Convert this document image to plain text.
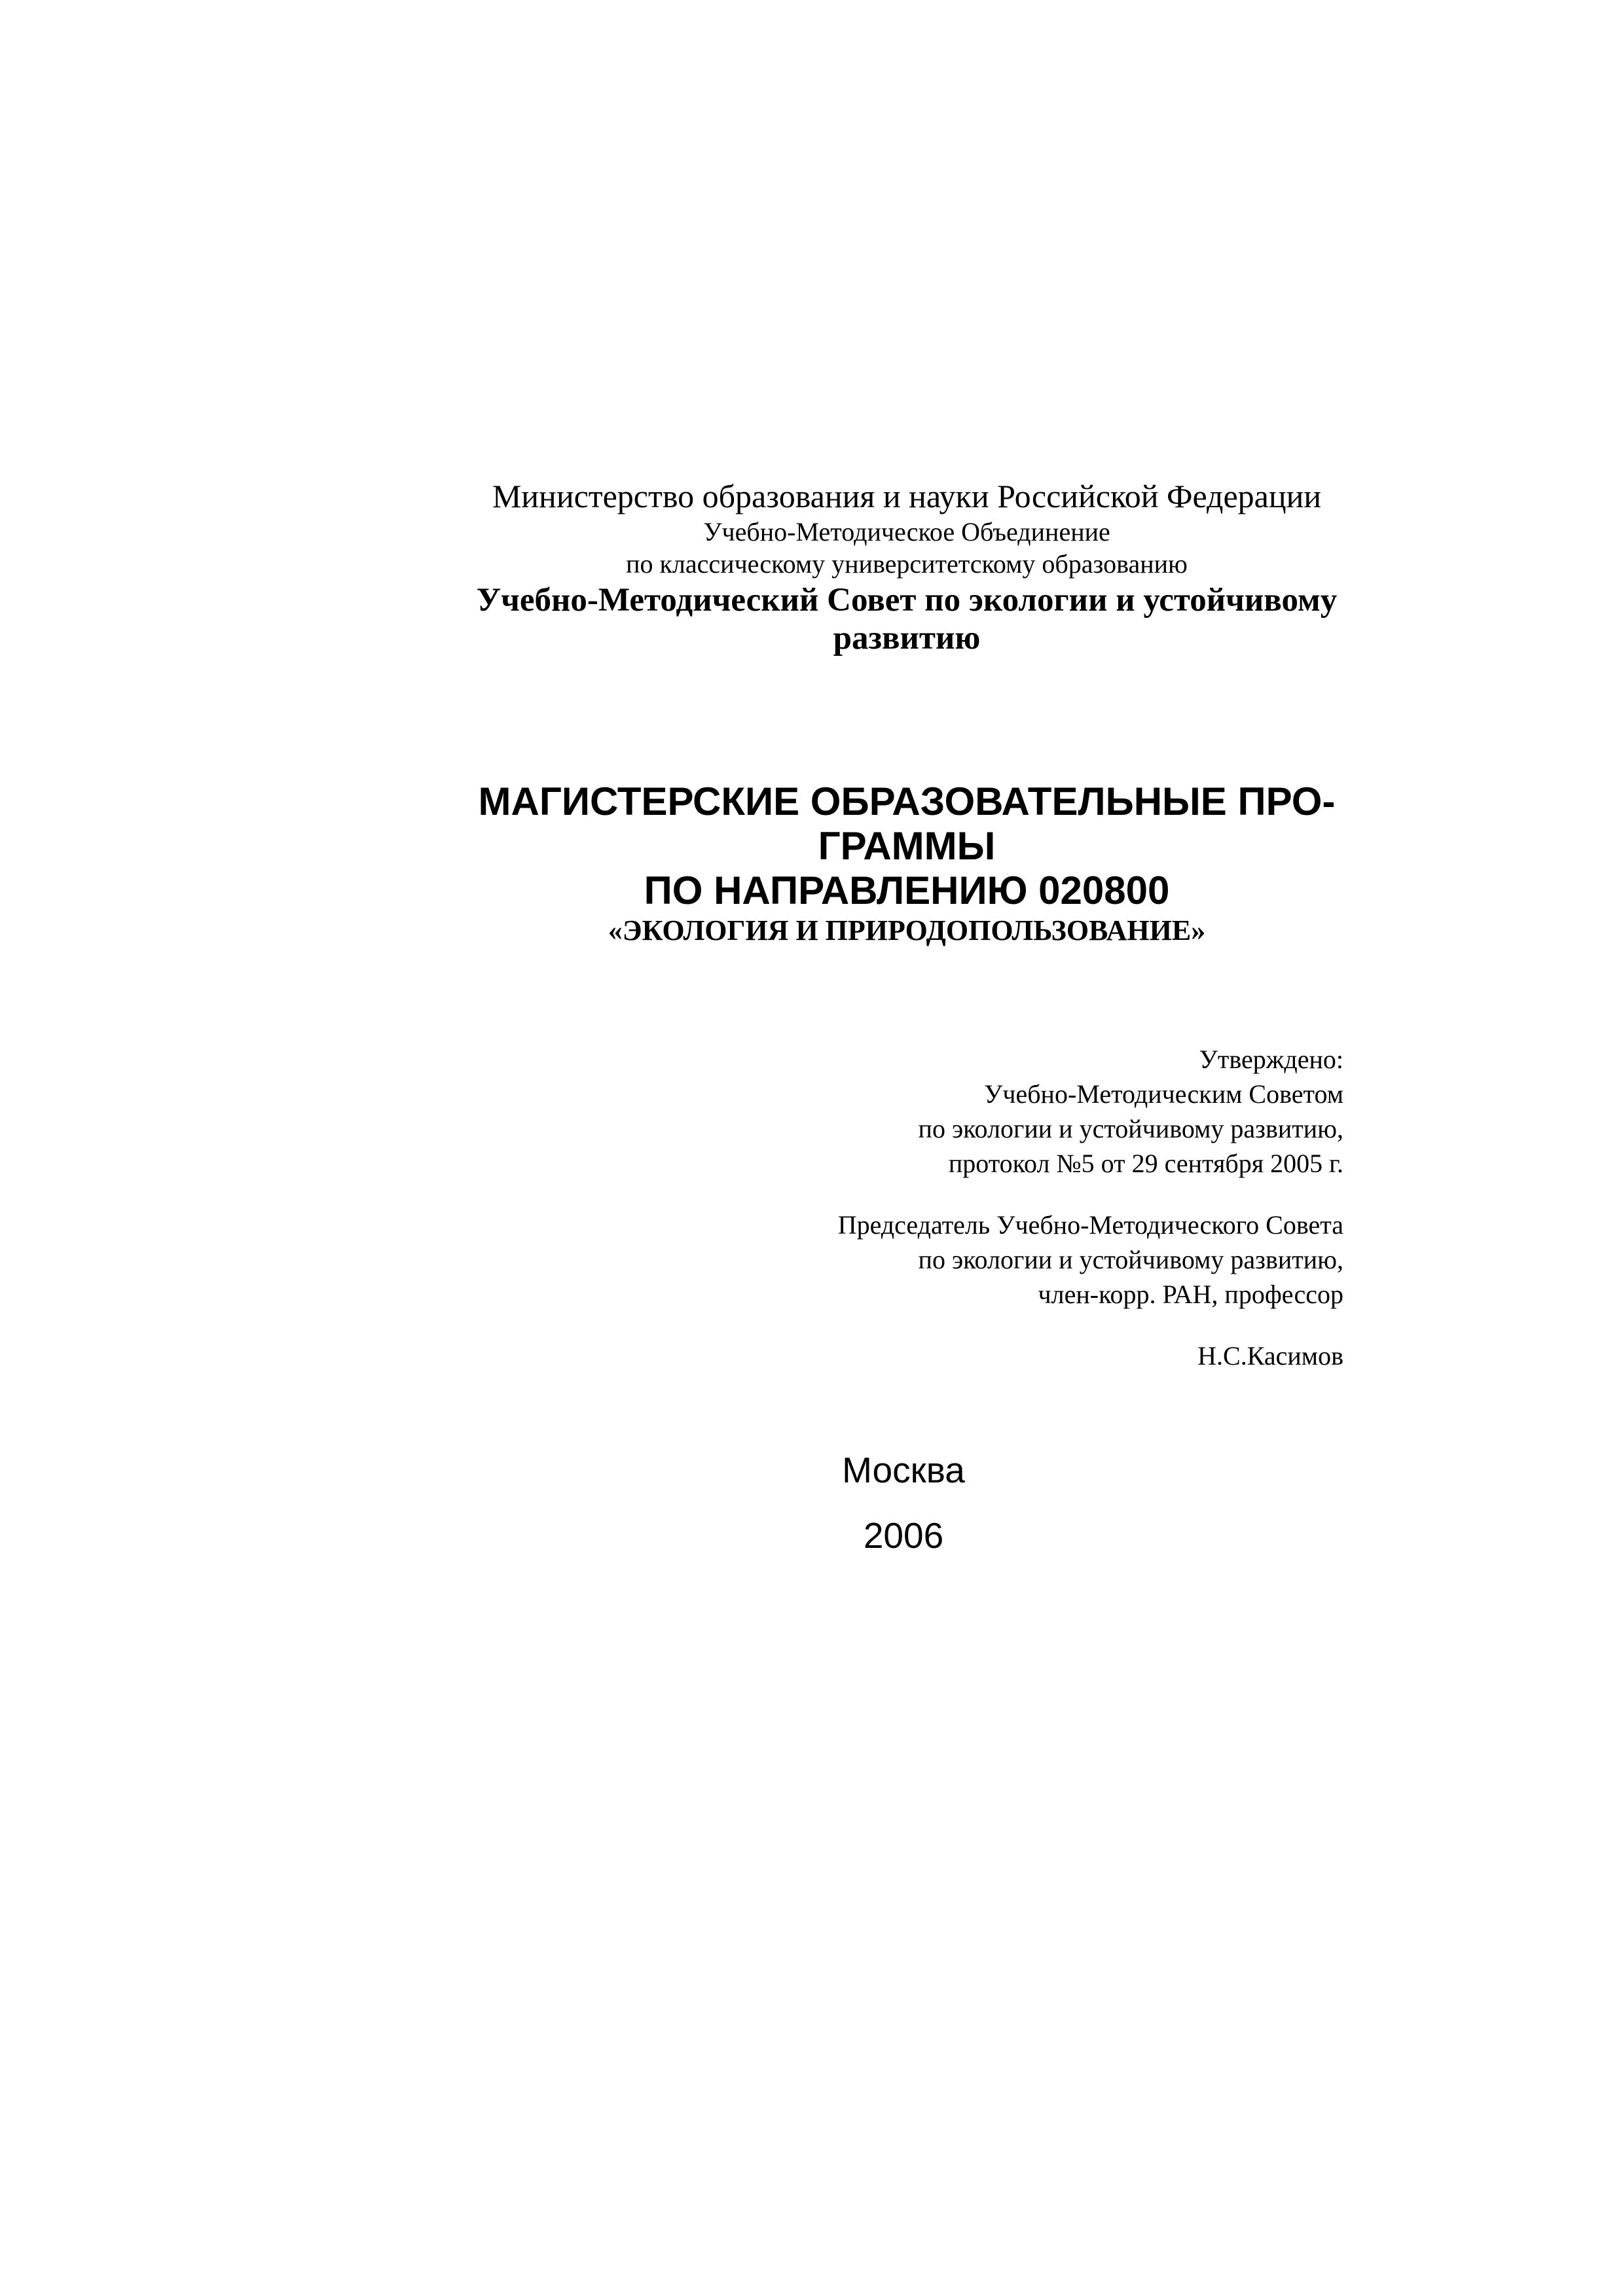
Министерство образования и науки Российской Федерации
Учебно-Методическое Объединение
по классическому университетскому образованию
Учебно-Методический Совет по экологии и устойчивому
развитию
МАГИСТЕРСКИЕ ОБРАЗОВАТЕЛЬНЫЕ ПРО-
ГРАММЫ
ПО НАПРАВЛЕНИЮ 020800
«ЭКОЛОГИЯ И ПРИРОДОПОЛЬЗОВАНИЕ»
Утверждено:
Учебно-Методическим Советом
по экологии и устойчивому развитию,
протокол №5 от 29 сентября 2005 г.
Председатель Учебно-Методического Совета
по экологии и устойчивому развитию,
член-корр. РАН, профессор
Н.С.Касимов
Москва
2006
